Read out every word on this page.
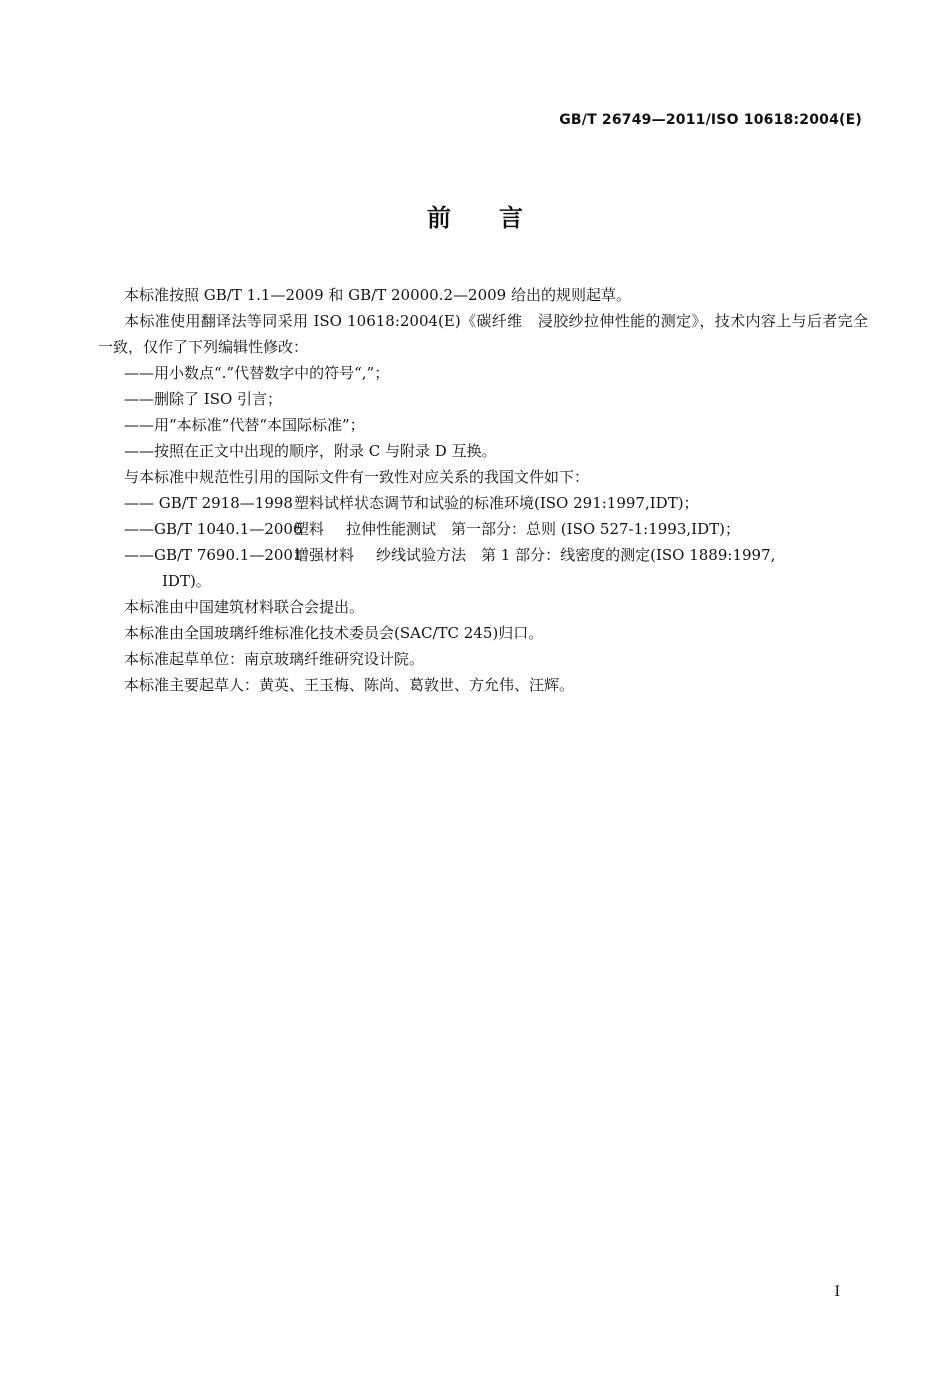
GB/T 26749—2011/ISO 10618:2004(E)
前言
本标准按照 GB/T 1.1—2009 和 GB/T 20000.2—2009 给出的规则起草。
本标准使用翻译法等同采用 ISO 10618:2004(E)《碳纤维　浸胶纱拉伸性能的测定》，技术内容上与后者完全一致，仅作了下列编辑性修改：
——用小数点“.”代替数字中的符号“,”；
——删除了 ISO 引言；
——用“本标准”代替“本国际标准”；
——按照在正文中出现的顺序，附录 C 与附录 D 互换。
与本标准中规范性引用的国际文件有一致性对应关系的我国文件如下：
—— GB/T 2918—1998塑料试样状态调节和试验的标准环境(ISO 291:1997,IDT)；
——GB/T 1040.1—2006塑料 拉伸性能测试　第一部分：总则 (ISO 527-1:1993,IDT)；
——GB/T 7690.1—2001增强材料 纱线试验方法　第 1 部分：线密度的测定(ISO 1889:1997,
IDT)。
本标准由中国建筑材料联合会提出。
本标准由全国玻璃纤维标准化技术委员会(SAC/TC 245)归口。
本标准起草单位：南京玻璃纤维研究设计院。
本标准主要起草人：黄英、王玉梅、陈尚、葛敦世、方允伟、汪辉。
I
